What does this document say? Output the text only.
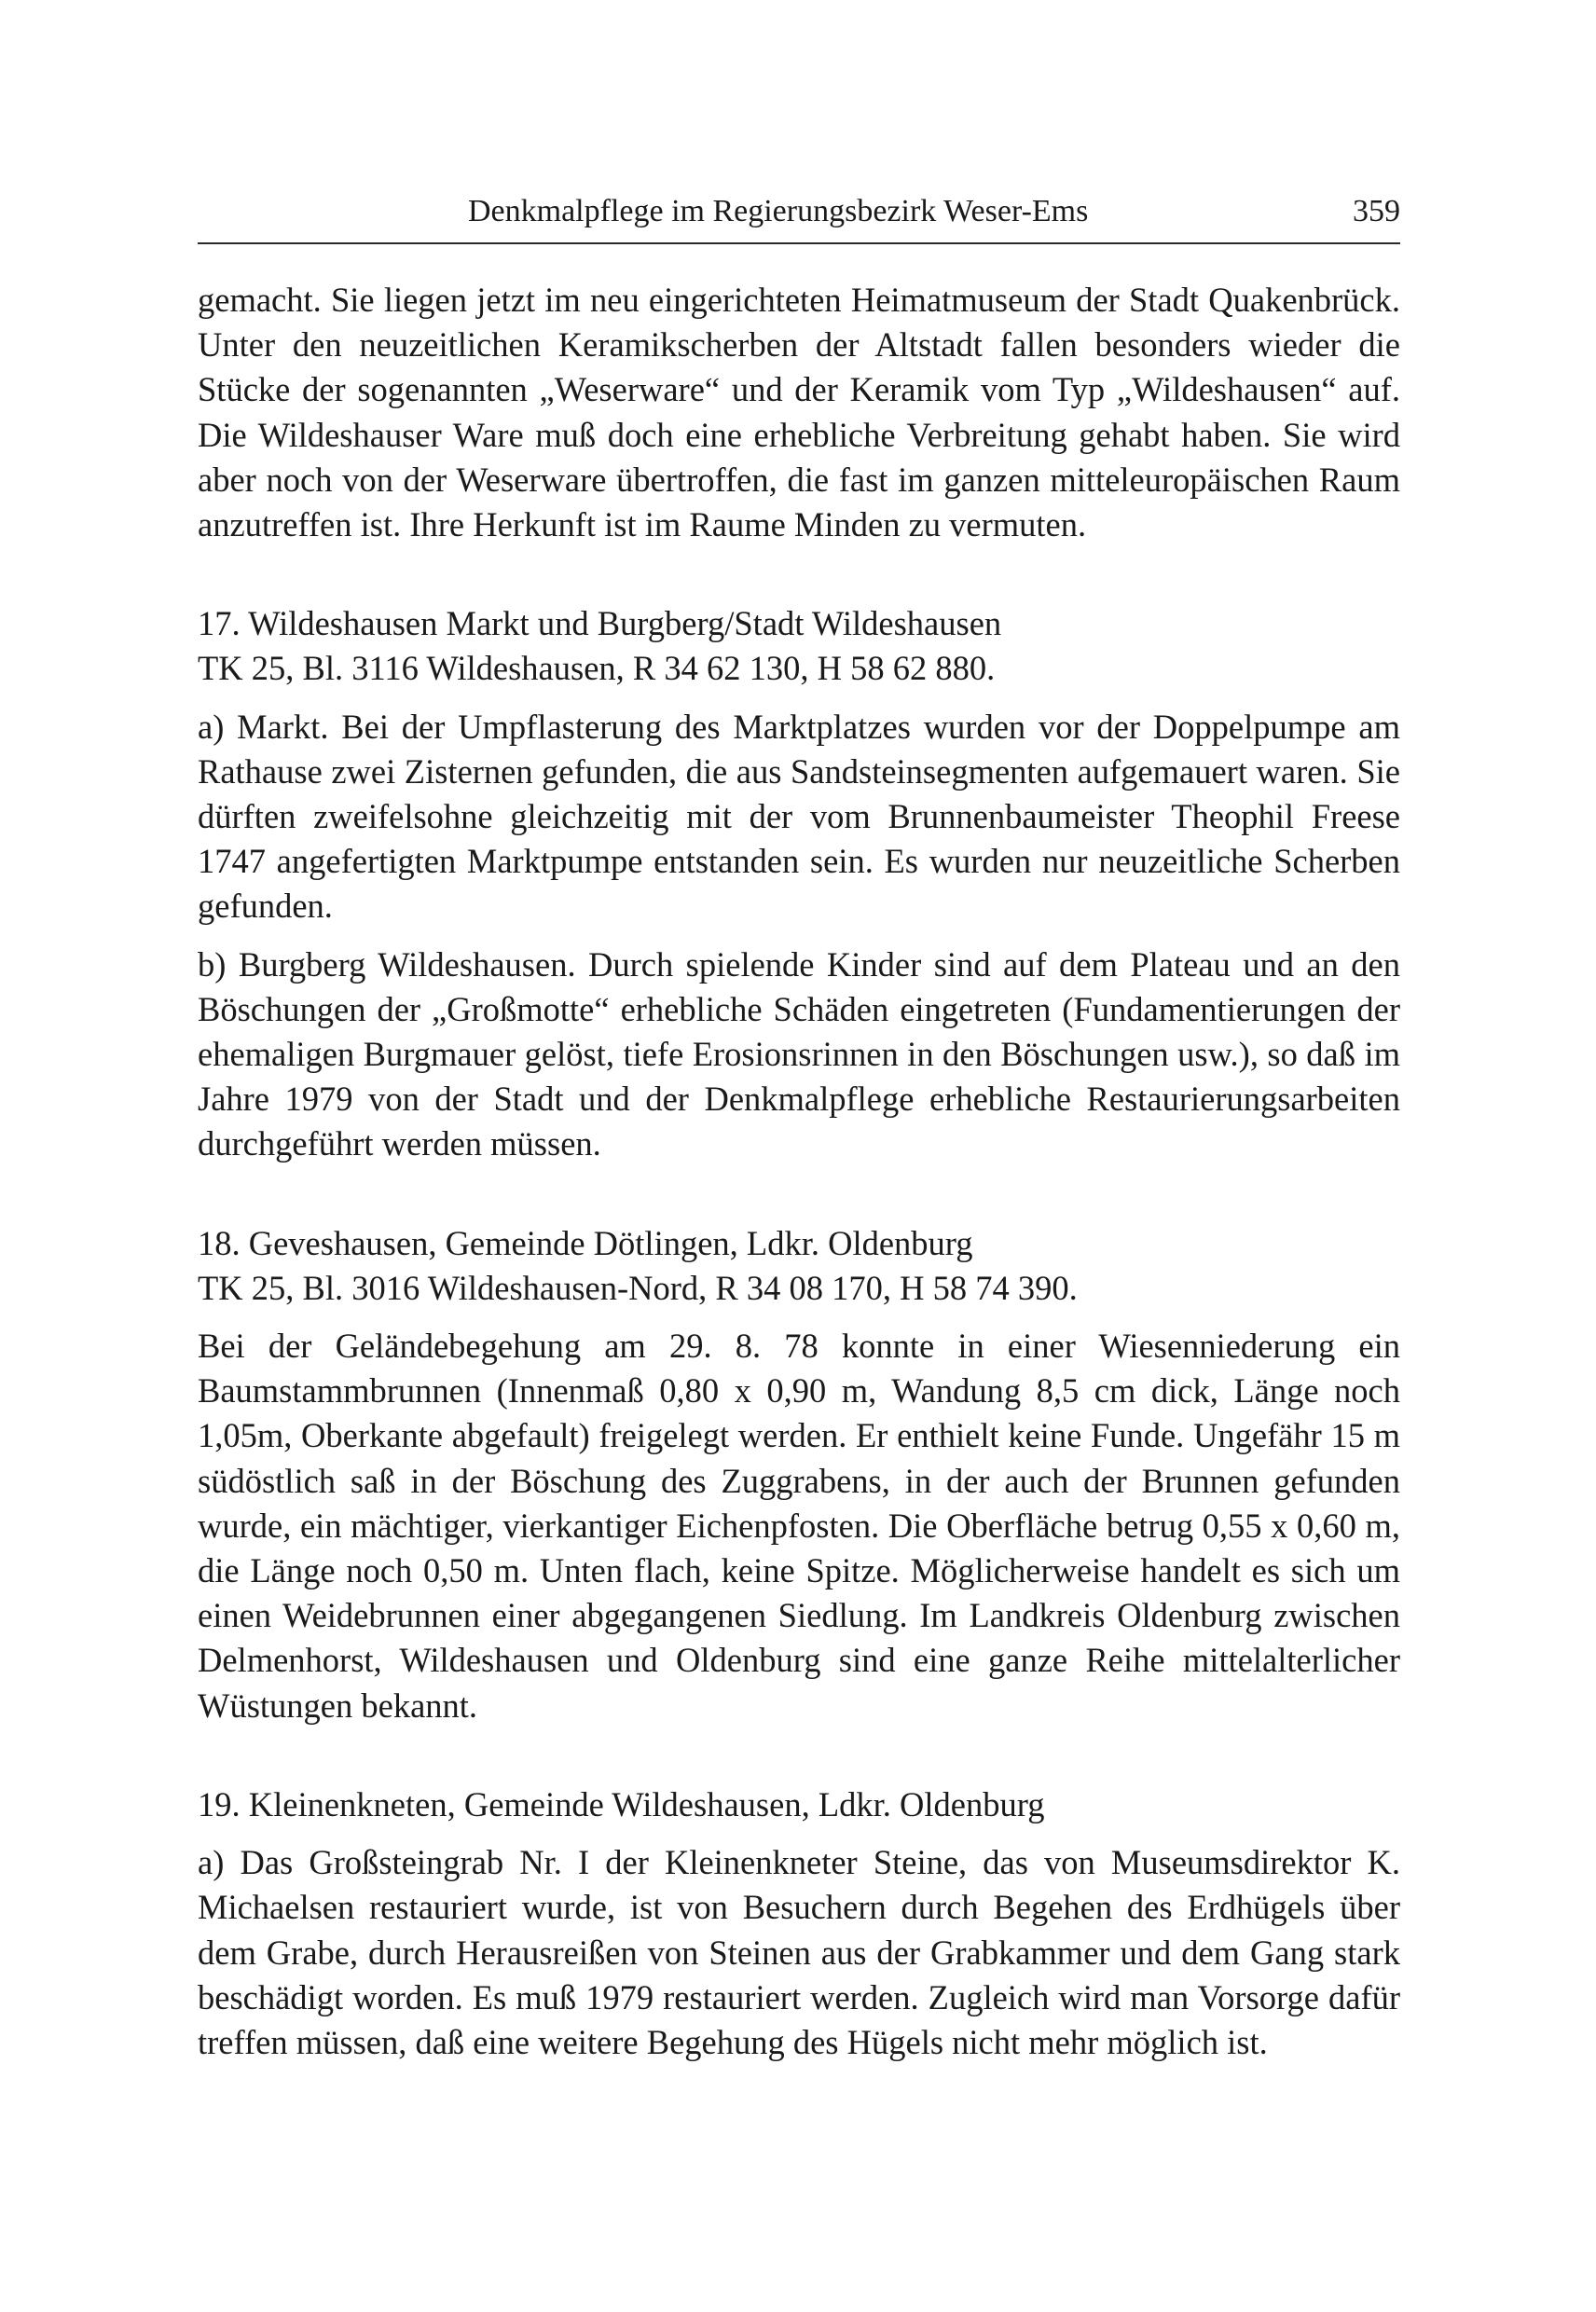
Denkmalpflege im Regierungsbezirk Weser-Ems	359

gemacht. Sie liegen jetzt im neu eingerichteten Heimatmuseum der Stadt Quakenbrück. Unter den neuzeitlichen Keramikscherben der Altstadt fallen besonders wieder die Stücke der sogenannten „Weserware“ und der Keramik vom Typ „Wildeshausen“ auf. Die Wildeshauser Ware muß doch eine erhebliche Verbreitung gehabt haben. Sie wird aber noch von der Weserware übertroffen, die fast im ganzen mitteleuropäischen Raum anzutreffen ist. Ihre Herkunft ist im Raume Minden zu vermuten.

17. Wildeshausen Markt und Burgberg/Stadt Wildeshausen
TK 25, Bl. 3116 Wildeshausen, R 34 62 130, H 58 62 880.

a) Markt. Bei der Umpflasterung des Marktplatzes wurden vor der Doppelpumpe am Rathause zwei Zisternen gefunden, die aus Sandsteinsegmenten aufgemauert waren. Sie dürften zweifelsohne gleichzeitig mit der vom Brunnenbaumeister Theophil Freese 1747 angefertigten Marktpumpe entstanden sein. Es wurden nur neuzeitliche Scherben gefunden.

b) Burgberg Wildeshausen. Durch spielende Kinder sind auf dem Plateau und an den Böschungen der „Großmotte“ erhebliche Schäden eingetreten (Fundamentierungen der ehemaligen Burgmauer gelöst, tiefe Erosionsrinnen in den Böschungen usw.), so daß im Jahre 1979 von der Stadt und der Denkmalpflege erhebliche Restaurierungsarbeiten durchgeführt werden müssen.

18. Geveshausen, Gemeinde Dötlingen, Ldkr. Oldenburg
TK 25, Bl. 3016 Wildeshausen-Nord, R 34 08 170, H 58 74 390.

Bei der Geländebegehung am 29. 8. 78 konnte in einer Wiesenniederung ein Baumstammbrunnen (Innenmaß 0,80 x 0,90 m, Wandung 8,5 cm dick, Länge noch 1,05m, Oberkante abgefault) freigelegt werden. Er enthielt keine Funde. Ungefähr 15 m südöstlich saß in der Böschung des Zuggrabens, in der auch der Brunnen gefunden wurde, ein mächtiger, vierkantiger Eichenpfosten. Die Oberfläche betrug 0,55 x 0,60 m, die Länge noch 0,50 m. Unten flach, keine Spitze. Möglicherweise handelt es sich um einen Weidebrunnen einer abgegangenen Siedlung. Im Landkreis Oldenburg zwischen Delmenhorst, Wildeshausen und Oldenburg sind eine ganze Reihe mittelalterlicher Wüstungen bekannt.

19. Kleinenkneten, Gemeinde Wildeshausen, Ldkr. Oldenburg

a) Das Großsteingrab Nr. I der Kleinenkneter Steine, das von Museumsdirektor K. Michaelsen restauriert wurde, ist von Besuchern durch Begehen des Erdhügels über dem Grabe, durch Herausreißen von Steinen aus der Grabkammer und dem Gang stark beschädigt worden. Es muß 1979 restauriert werden. Zugleich wird man Vorsorge dafür treffen müssen, daß eine weitere Begehung des Hügels nicht mehr möglich ist.
